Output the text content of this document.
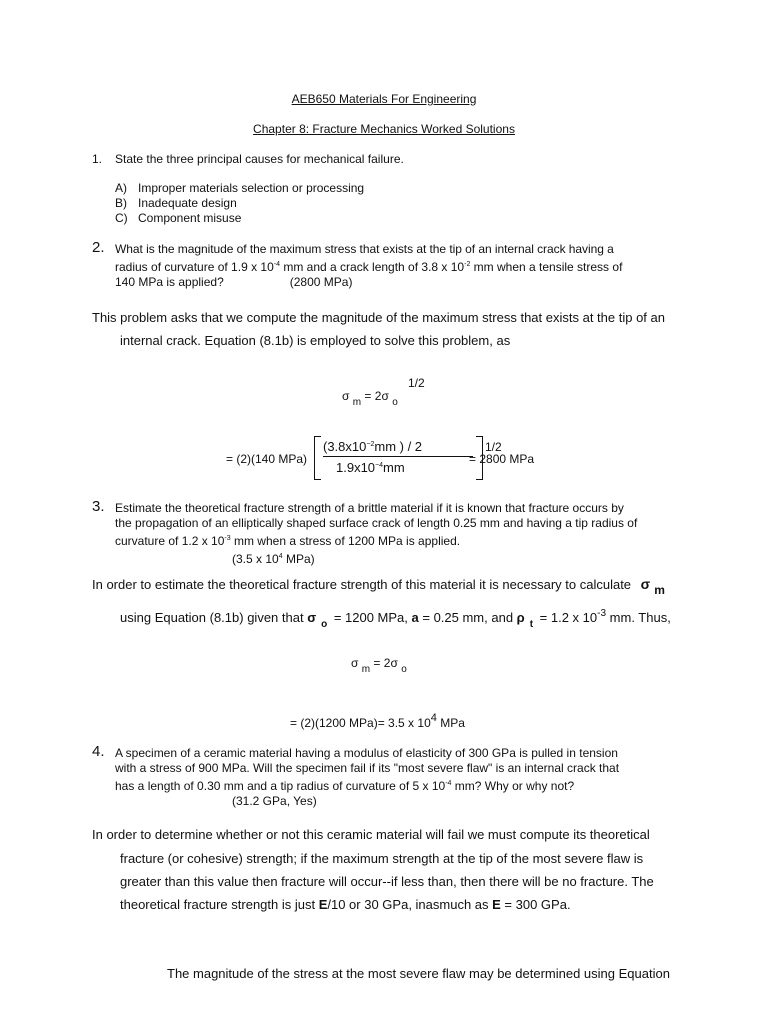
AEB650 Materials For Engineering
Chapter 8: Fracture Mechanics Worked Solutions
1. State the three principal causes for mechanical failure.
A) Improper materials selection or processing
B) Inadequate design
C) Component misuse
2. What is the magnitude of the maximum stress that exists at the tip of an internal crack having a
radius of curvature of 1.9 x $10^{-4}$ mm and a crack length of 3.8 x $10^{-2}$ mm when a tensile stress of
140 MPa is applied?	(2800 MPa)
This problem asks that we compute the magnitude of the maximum stress that exists at the tip of an
internal crack. Equation (8.1b) is employed to solve this problem, as
1/2
σ $_m$ = 2σ $_o$
= (2)(140 MPa)
($3.8x10^{-2}mm$ ) / 2
$1.9x10^{-4}mm$
1/2
= 2800 MPa
3. Estimate the theoretical fracture strength of a brittle material if it is known that fracture occurs by
the propagation of an elliptically shaped surface crack of length 0.25 mm and having a tip radius of
curvature of 1.2 x $10^{-3}$ mm when a stress of 1200 MPa is applied.
(3.5 x $10^4$ MPa)
In order to estimate the theoretical fracture strength of this material it is necessary to calculate σ m
using Equation (8.1b) given that σ $_o$ = 1200 MPa, a = 0.25 mm, and ρ $_t$ = 1.2 x $10^{-3}$ mm. Thus,
σ $_m$ = 2σ $_o$
= (2)(1200 MPa)= 3.5 x 104 MPa
4. A specimen of a ceramic material having a modulus of elasticity of 300 GPa is pulled in tension
with a stress of 900 MPa. Will the specimen fail if its "most severe flaw" is an internal crack that
has a length of 0.30 mm and a tip radius of curvature of 5 x $10^{-4}$ mm? Why or why not?
(31.2 GPa, Yes)
In order to determine whether or not this ceramic material will fail we must compute its theoretical
fracture (or cohesive) strength; if the maximum strength at the tip of the most severe flaw is
greater than this value then fracture will occur--if less than, then there will be no fracture. The
theoretical fracture strength is just E/10 or 30 GPa, inasmuch as E = 300 GPa.
The magnitude of the stress at the most severe flaw may be determined using Equation
